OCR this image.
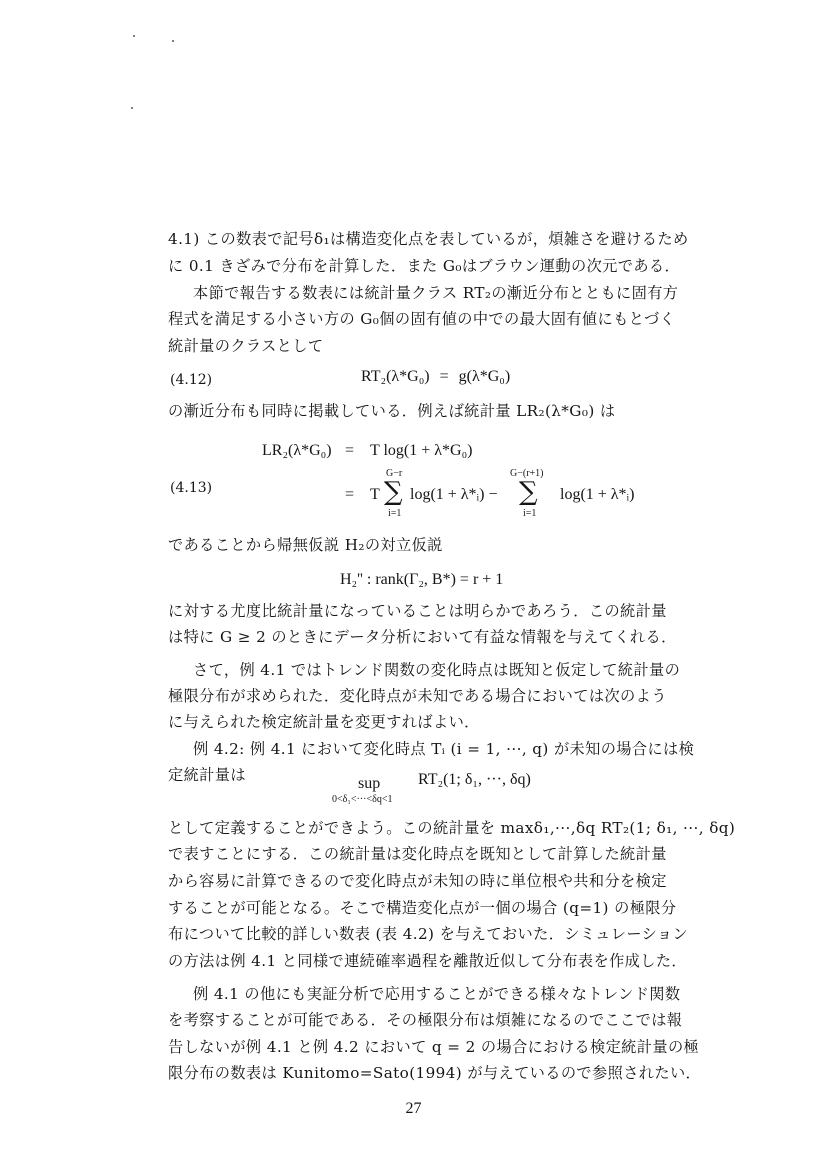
4.1) この数表で記号δ₁は構造変化点を表しているが，煩雑さを避けるため
に 0.1 きざみで分布を計算した．また G₀はブラウン運動の次元である．
本節で報告する数表には統計量クラス RT₂の漸近分布とともに固有方
程式を満足する小さい方の G₀個の固有値の中での最大固有値にもとづく
統計量のクラスとして
(4.12)	RT₂(λ*G₀) = g(λ*G₀)
の漸近分布も同時に掲載している．例えば統計量 LR₂(λ*G₀) は
LR₂(λ*G₀) = T log(1 + λ*G₀)
(4.13)	= T
G−r
∑
i=1
log(1 + λ*ᵢ) −
G−(r+1)
∑
i=1
log(1 + λ*ᵢ)
であることから帰無仮説 H₂の対立仮説
H₂'' : rank(Γ₂, B*) = r + 1
に対する尤度比統計量になっていることは明らかであろう．この統計量
は特に G ≥ 2 のときにデータ分析において有益な情報を与えてくれる．
さて，例 4.1 ではトレンド関数の変化時点は既知と仮定して統計量の
極限分布が求められた．変化時点が未知である場合においては次のよう
に与えられた検定統計量を変更すればよい．
例 4.2: 例 4.1 において変化時点 Tᵢ (i = 1, ···, q) が未知の場合には検
定統計量は	sup
0<δ₁<···<δq<1
RT₂(1; δ₁, ···, δq)
として定義することができよう。この統計量を maxδ₁,···,δq RT₂(1; δ₁, ···, δq)
で表すことにする．この統計量は変化時点を既知として計算した統計量
から容易に計算できるので変化時点が未知の時に単位根や共和分を検定
することが可能となる。そこで構造変化点が一個の場合 (q=1) の極限分
布について比較的詳しい数表 (表 4.2) を与えておいた．シミュレーション
の方法は例 4.1 と同様で連続確率過程を離散近似して分布表を作成した．
例 4.1 の他にも実証分析で応用することができる様々なトレンド関数
を考察することが可能である．その極限分布は煩雑になるのでここでは報
告しないが例 4.1 と例 4.2 において q = 2 の場合における検定統計量の極
限分布の数表は Kunitomo=Sato(1994) が与えているので参照されたい．
27
